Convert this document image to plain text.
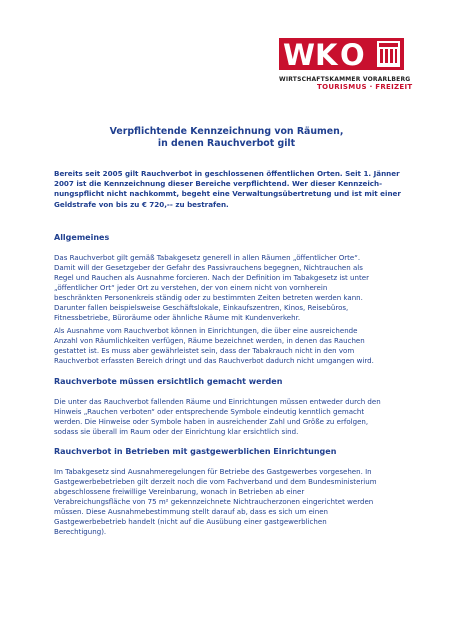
W K O
WIRTSCHAFTSKAMMER VORARLBERG
TOURISMUS · FREIZEIT
Verpflichtende Kennzeichnung von Räumen,
in denen Rauchverbot gilt
Bereits seit 2005 gilt Rauchverbot in geschlossenen öffentlichen Orten. Seit 1. Jänner
2007 ist die Kennzeichnung dieser Bereiche verpflichtend. Wer dieser Kennzeich-
nungspflicht nicht nachkommt, begeht eine Verwaltungsübertretung und ist mit einer
Geldstrafe von bis zu € 720,-- zu bestrafen.
Allgemeines
Das Rauchverbot gilt gemäß Tabakgesetz generell in allen Räumen „öffentlicher Orte“.
Damit will der Gesetzgeber der Gefahr des Passivrauchens begegnen, Nichtrauchen als
Regel und Rauchen als Ausnahme forcieren. Nach der Definition im Tabakgesetz ist unter
„öffentlicher Ort“ jeder Ort zu verstehen, der von einem nicht von vornherein
beschränkten Personenkreis ständig oder zu bestimmten Zeiten betreten werden kann.
Darunter fallen beispielsweise Geschäftslokale, Einkaufszentren, Kinos, Reisebüros,
Fitnessbetriebe, Büroräume oder ähnliche Räume mit Kundenverkehr.
Als Ausnahme vom Rauchverbot können in Einrichtungen, die über eine ausreichende
Anzahl von Räumlichkeiten verfügen, Räume bezeichnet werden, in denen das Rauchen
gestattet ist. Es muss aber gewährleistet sein, dass der Tabakrauch nicht in den vom
Rauchverbot erfassten Bereich dringt und das Rauchverbot dadurch nicht umgangen wird.
Rauchverbote müssen ersichtlich gemacht werden
Die unter das Rauchverbot fallenden Räume und Einrichtungen müssen entweder durch den
Hinweis „Rauchen verboten“ oder entsprechende Symbole eindeutig kenntlich gemacht
werden. Die Hinweise oder Symbole haben in ausreichender Zahl und Größe zu erfolgen,
sodass sie überall im Raum oder der Einrichtung klar ersichtlich sind.
Rauchverbot in Betrieben mit gastgewerblichen Einrichtungen
Im Tabakgesetz sind Ausnahmeregelungen für Betriebe des Gastgewerbes vorgesehen. In
Gastgewerbebetrieben gilt derzeit noch die vom Fachverband und dem Bundesministerium
abgeschlossene freiwillige Vereinbarung, wonach in Betrieben ab einer
Verabreichungsfläche von 75 m² gekennzeichnete Nichtraucherzonen eingerichtet werden
müssen. Diese Ausnahmebestimmung stellt darauf ab, dass es sich um einen
Gastgewerbebetrieb handelt (nicht auf die Ausübung einer gastgewerblichen
Berechtigung).
